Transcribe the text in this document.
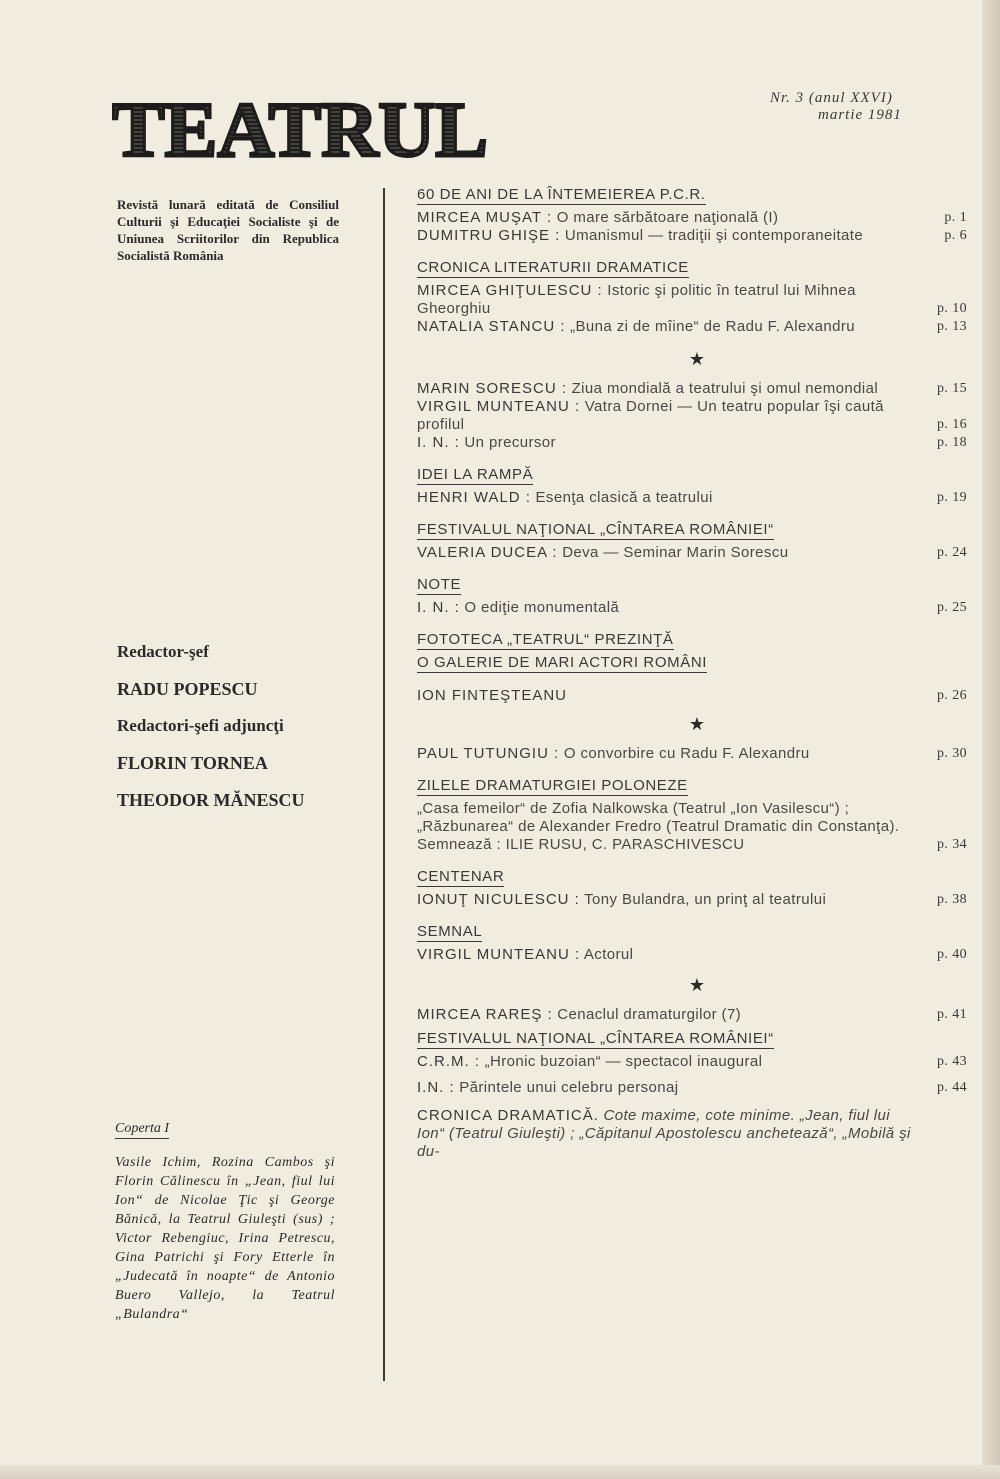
TEATRUL	Nr. 3 (anul XXVI)

martie 1981
Revistă lunară editată de Consiliul Culturii şi Educaţiei Socialiste şi de Uniunea Scriitorilor din Republica Socialistă România
Redactor-şef
RADU POPESCU
Redactori-şefi adjuncţi
FLORIN TORNEA
THEODOR MĂNESCU
Coperta I
Vasile Ichim, Rozina Cambos şi Florin Călinescu în „Jean, fiul lui Ion“ de Nicolae Ţic şi George Bănică, la Teatrul Giuleşti (sus) ; Victor Rebengiuc, Irina Petrescu, Gina Patrichi şi Fory Etterle în „Judecată în noapte“ de Antonio Buero Vallejo, la Teatrul „Bulandra“
60 DE ANI DE LA ÎNTEMEIEREA P.C.R.
MIRCEA MUŞAT : O mare sărbătoare naţională (I)	p. 1
DUMITRU GHIŞE : Umanismul — tradiţii şi contemporaneitate	p. 6
CRONICA LITERATURII DRAMATICE
MIRCEA GHIŢULESCU : Istoric şi politic în teatrul lui Mihnea Gheorghiu	p. 10
NATALIA STANCU : „Buna zi de mîine“ de Radu F. Alexandru	p. 13
★
MARIN SORESCU : Ziua mondială a teatrului şi omul nemondial	p. 15
VIRGIL MUNTEANU : Vatra Dornei — Un teatru popular îşi caută profilul	p. 16
I. N. : Un precursor	p. 18
IDEI LA RAMPĂ
HENRI WALD : Esenţa clasică a teatrului	p. 19
FESTIVALUL NAŢIONAL „CÎNTAREA ROMÂNIEI“
VALERIA DUCEA : Deva — Seminar Marin Sorescu	p. 24
NOTE
I. N. : O ediţie monumentală	p. 25
FOTOTECA „TEATRUL“ PREZINŢĂ
O GALERIE DE MARI ACTORI ROMÂNI
ION FINTEŞTEANU	p. 26
★
PAUL TUTUNGIU : O convorbire cu Radu F. Alexandru	p. 30
ZILELE DRAMATURGIEI POLONEZE
„Casa femeilor“ de Zofia Nalkowska (Teatrul „Ion Vasilescu“) ; „Răzbunarea“ de Alexander Fredro (Teatrul Dramatic din Constanţa). Semnează : ILIE RUSU, C. PARASCHIVESCU	p. 34
CENTENAR
IONUŢ NICULESCU : Tony Bulandra, un prinţ al teatrului	p. 38
SEMNAL
VIRGIL MUNTEANU : Actorul	p. 40
★
MIRCEA RAREŞ : Cenaclul dramaturgilor (7)	p. 41
FESTIVALUL NAŢIONAL „CÎNTAREA ROMÂNIEI“
C.R.M. : „Hronic buzoian“ — spectacol inaugural	p. 43
I.N. : Părintele unui celebru personaj	p. 44
CRONICA DRAMATICĂ. Cote maxime, cote minime. „Jean, fiul lui Ion“ (Teatrul Giuleşti) ; „Căpitanul Apostolescu anchetează“, „Mobilă şi du-
